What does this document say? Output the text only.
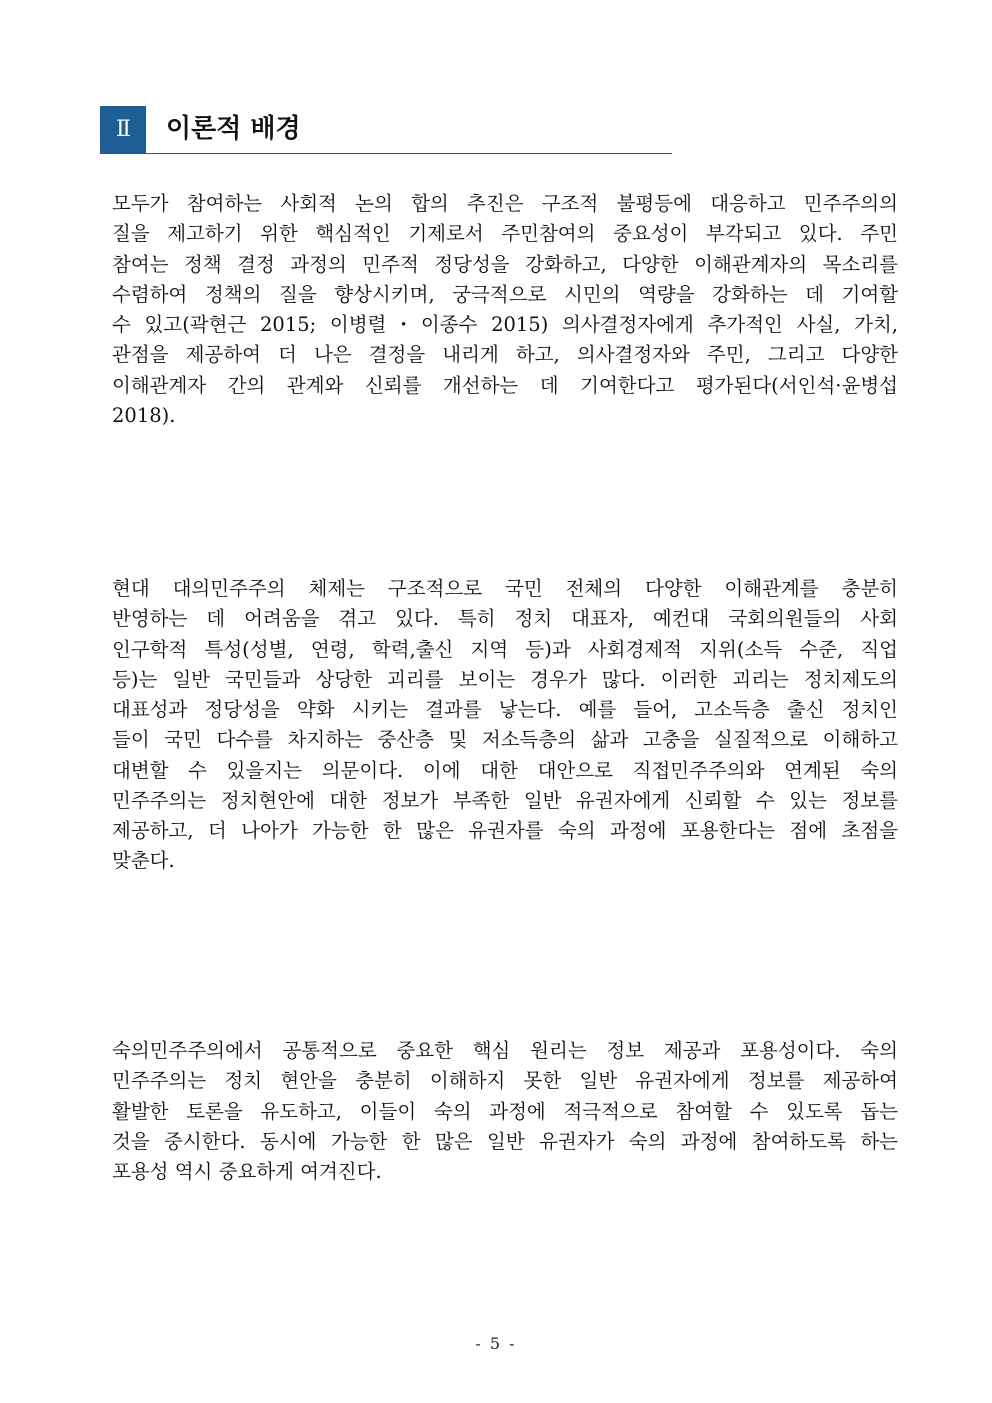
Ⅱ	이론적 배경
모두가 참여하는 사회적 논의 합의 추진은 구조적 불평등에 대응하고 민주주의의
질을 제고하기 위한 핵심적인 기제로서 주민참여의 중요성이 부각되고 있다. 주민
참여는 정책 결정 과정의 민주적 정당성을 강화하고, 다양한 이해관계자의 목소리를
수렴하여 정책의 질을 향상시키며, 궁극적으로 시민의 역량을 강화하는 데 기여할
수 있고(곽현근 2015; 이병렬・이종수 2015) 의사결정자에게 추가적인 사실, 가치,
관점을 제공하여 더 나은 결정을 내리게 하고, 의사결정자와 주민, 그리고 다양한
이해관계자 간의 관계와 신뢰를 개선하는 데 기여한다고 평가된다(서인석·윤병섭
2018).
현대 대의민주주의 체제는 구조적으로 국민 전체의 다양한 이해관계를 충분히
반영하는 데 어려움을 겪고 있다. 특히 정치 대표자, 예컨대 국회의원들의 사회
인구학적 특성(성별, 연령, 학력,출신 지역 등)과 사회경제적 지위(소득 수준, 직업
등)는 일반 국민들과 상당한 괴리를 보이는 경우가 많다. 이러한 괴리는 정치제도의
대표성과 정당성을 약화 시키는 결과를 낳는다. 예를 들어, 고소득층 출신 정치인
들이 국민 다수를 차지하는 중산층 및 저소득층의 삶과 고충을 실질적으로 이해하고
대변할 수 있을지는 의문이다. 이에 대한 대안으로 직접민주주의와 연계된 숙의
민주주의는 정치현안에 대한 정보가 부족한 일반 유권자에게 신뢰할 수 있는 정보를
제공하고, 더 나아가 가능한 한 많은 유권자를 숙의 과정에 포용한다는 점에 초점을
맞춘다.
숙의민주주의에서 공통적으로 중요한 핵심 원리는 정보 제공과 포용성이다. 숙의
민주주의는 정치 현안을 충분히 이해하지 못한 일반 유권자에게 정보를 제공하여
활발한 토론을 유도하고, 이들이 숙의 과정에 적극적으로 참여할 수 있도록 돕는
것을 중시한다. 동시에 가능한 한 많은 일반 유권자가 숙의 과정에 참여하도록 하는
포용성 역시 중요하게 여겨진다.
- 5 -
